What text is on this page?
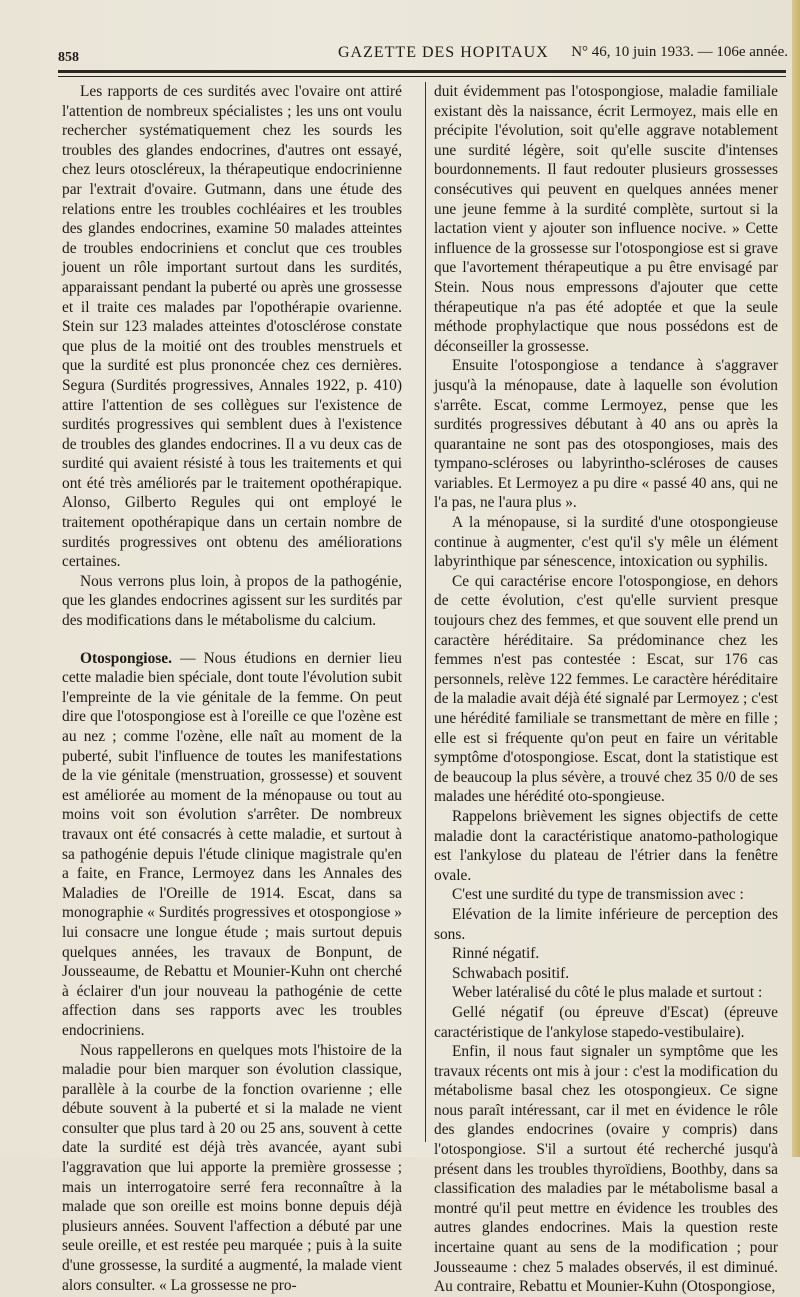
858	GAZETTE DES HOPITAUX N° 46, 10 juin 1933. — 106e année.

Les rapports de ces surdités avec l'ovaire ont attiré l'attention de nombreux spécialistes ; les uns ont voulu rechercher systématiquement chez les sourds les troubles des glandes endocrines, d'autres ont essayé, chez leurs otoscléreux, la thérapeutique endocrinienne par l'extrait d'ovaire. Gutmann, dans une étude des relations entre les troubles cochléaires et les troubles des glandes endocrines, examine 50 malades atteintes de troubles endocriniens et conclut que ces troubles jouent un rôle important surtout dans les surdités, apparaissant pendant la puberté ou après une grossesse et il traite ces malades par l'opothérapie ovarienne. Stein sur 123 malades atteintes d'otosclérose constate que plus de la moitié ont des troubles menstruels et que la surdité est plus prononcée chez ces dernières. Segura (Surdités progressives, Annales 1922, p. 410) attire l'attention de ses collègues sur l'existence de surdités progressives qui semblent dues à l'existence de troubles des glandes endocrines. Il a vu deux cas de surdité qui avaient résisté à tous les traitements et qui ont été très améliorés par le traitement opothérapique. Alonso, Gilberto Regules qui ont employé le traitement opothérapique dans un certain nombre de surdités progressives ont obtenu des améliorations certaines.

Nous verrons plus loin, à propos de la pathogénie, que les glandes endocrines agissent sur les surdités par des modifications dans le métabolisme du calcium.

Otospongiose. — Nous étudions en dernier lieu cette maladie bien spéciale, dont toute l'évolution subit l'empreinte de la vie génitale de la femme. On peut dire que l'otospongiose est à l'oreille ce que l'ozène est au nez ; comme l'ozène, elle naît au moment de la puberté, subit l'influence de toutes les manifestations de la vie génitale (menstruation, grossesse) et souvent est améliorée au moment de la ménopause ou tout au moins voit son évolution s'arrêter. De nombreux travaux ont été consacrés à cette maladie, et surtout à sa pathogénie depuis l'étude clinique magistrale qu'en a faite, en France, Lermoyez dans les Annales des Maladies de l'Oreille de 1914. Escat, dans sa monographie « Surdités progressives et otospongiose » lui consacre une longue étude ; mais surtout depuis quelques années, les travaux de Bonpunt, de Jousseaume, de Rebattu et Mounier-Kuhn ont cherché à éclairer d'un jour nouveau la pathogénie de cette affection dans ses rapports avec les troubles endocriniens.

Nous rappellerons en quelques mots l'histoire de la maladie pour bien marquer son évolution classique, parallèle à la courbe de la fonction ovarienne ; elle débute souvent à la puberté et si la malade ne vient consulter que plus tard à 20 ou 25 ans, souvent à cette date la surdité est déjà très avancée, ayant subi l'aggravation que lui apporte la première grossesse ; mais un interrogatoire serré fera reconnaître à la malade que son oreille est moins bonne depuis déjà plusieurs années. Souvent l'affection a débuté par une seule oreille, et est restée peu marquée ; puis à la suite d'une grossesse, la surdité a augmenté, la malade vient alors consulter. « La grossesse ne pro-

duit évidemment pas l'otospongiose, maladie familiale existant dès la naissance, écrit Lermoyez, mais elle en précipite l'évolution, soit qu'elle aggrave notablement une surdité légère, soit qu'elle suscite d'intenses bourdonnements. Il faut redouter plusieurs grossesses consécutives qui peuvent en quelques années mener une jeune femme à la surdité complète, surtout si la lactation vient y ajouter son influence nocive. » Cette influence de la grossesse sur l'otospongiose est si grave que l'avortement thérapeutique a pu être envisagé par Stein. Nous nous empressons d'ajouter que cette thérapeutique n'a pas été adoptée et que la seule méthode prophylactique que nous possédons est de déconseiller la grossesse.

Ensuite l'otospongiose a tendance à s'aggraver jusqu'à la ménopause, date à laquelle son évolution s'arrête. Escat, comme Lermoyez, pense que les surdités progressives débutant à 40 ans ou après la quarantaine ne sont pas des otospongioses, mais des tympano-scléroses ou labyrintho-scléroses de causes variables. Et Lermoyez a pu dire « passé 40 ans, qui ne l'a pas, ne l'aura plus ».

A la ménopause, si la surdité d'une otospongieuse continue à augmenter, c'est qu'il s'y mêle un élément labyrinthique par sénescence, intoxication ou syphilis.

Ce qui caractérise encore l'otospongiose, en dehors de cette évolution, c'est qu'elle survient presque toujours chez des femmes, et que souvent elle prend un caractère héréditaire. Sa prédominance chez les femmes n'est pas contestée : Escat, sur 176 cas personnels, relève 122 femmes. Le caractère héréditaire de la maladie avait déjà été signalé par Lermoyez ; c'est une hérédité familiale se transmettant de mère en fille ; elle est si fréquente qu'on peut en faire un véritable symptôme d'otospongiose. Escat, dont la statistique est de beaucoup la plus sévère, a trouvé chez 35 0/0 de ses malades une hérédité oto-spongieuse.

Rappelons brièvement les signes objectifs de cette maladie dont la caractéristique anatomo-pathologique est l'ankylose du plateau de l'étrier dans la fenêtre ovale.

C'est une surdité du type de transmission avec :

Elévation de la limite inférieure de perception des sons.

Rinné négatif.

Schwabach positif.

Weber latéralisé du côté le plus malade et surtout :

Gellé négatif (ou épreuve d'Escat) (épreuve caractéristique de l'ankylose stapedo-vestibulaire).

Enfin, il nous faut signaler un symptôme que les travaux récents ont mis à jour : c'est la modification du métabolisme basal chez les otospongieux. Ce signe nous paraît intéressant, car il met en évidence le rôle des glandes endocrines (ovaire y compris) dans l'otospongiose. S'il a surtout été recherché jusqu'à présent dans les troubles thyroïdiens, Boothby, dans sa classification des maladies par le métabolisme basal a montré qu'il peut mettre en évidence les troubles des autres glandes endocrines. Mais la question reste incertaine quant au sens de la modification ; pour Jousseaume : chez 5 malades observés, il est diminué. Au contraire, Rebattu et Mounier-Kuhn (Otospongiose,
